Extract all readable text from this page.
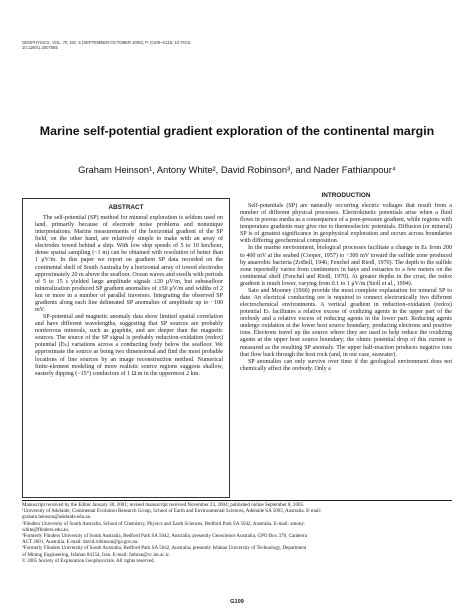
GEOPHYSICS, VOL. 70, NO. 5 (SEPTEMBER-OCTOBER 2005); P. G109–G118, 10 FIGS.
10.1190/1.2007585
Marine self-potential gradient exploration of the continental margin
Graham Heinson¹, Antony White², David Robinson³, and Nader Fathianpour⁴
ABSTRACT

The self-potential (SP) method for mineral exploration is seldom used on land, primarily because of electrode noise problems and nonunique interpretations. Marine measurements of the horizontal gradient of the SP field, on the other hand, are relatively simple to make with an array of electrodes towed behind a ship. With low ship speeds of 5 to 10 km/hour, dense spatial sampling (~1 m) can be obtained with resolution of better than 1 μV/m. In this paper we report on gradient SP data recorded on the continental shelf of South Australia by a horizontal array of towed electrodes approximately 20 m above the seafloor. Ocean waves and swells with periods of 5 to 15 s yielded large amplitude signals ±20 μV/m, but subseafloor mineralization produced SP gradient anomalies of ±50 μV/m and widths of 2 km or more in a number of parallel traverses. Integrating the observed SP gradients along each line delineated SP anomalies of amplitude up to −100 mV.

SP-potential and magnetic anomaly data show limited spatial correlation and have different wavelengths, suggesting that SP sources are probably nonferrous minerals, such as graphite, and are deeper than the magnetic sources. The source of the SP signal is probably reduction-oxidation (redox) potential (Eₕ) variations across a conducting body below the seafloor. We approximate the source as being two dimensional and find the most probable locations of line sources by an image reconstruction method. Numerical finite-element modeling of more realistic source regions suggests shallow, easterly dipping (~15°) conductors of 1 Ω.m in the uppermost 2 km.

INTRODUCTION

Self-potentials (SP) are naturally occurring electric voltages that result from a number of different physical processes. Electrokinetic potentials arise when a fluid flows in porous media as a consequence of a pore-pressure gradient, while regions with temperature gradients may give rise to thermoelectric potentials. Diffusion (or mineral) SP is of greatest significance in geophysical exploration and occurs across boundaries with differing geochemical composition.

In the marine environment, biological processes facilitate a change in Eₕ from 200 to 400 mV at the seabed (Cooper, 1957) to −300 mV toward the sulfide zone produced by anaerobic bacteria (ZoBell, 1946; Fenchel and Riedl, 1970). The depth to the sulfide zone reportedly varies from centimeters in bays and estuaries to a few meters on the continental shelf (Fenchel and Riedl, 1970). At greater depths in the crust, the redox gradient is much lower, varying from 0.1 to 1 μV/m (Stoll et al., 1994).

Sato and Mooney (1960) provide the most complete explanation for mineral SP to date. An electrical conducting ore is required to connect electronically two different electrochemical environments. A vertical gradient in reduction-oxidation (redox) potential Eₕ facilitates a relative excess of oxidizing agents in the upper part of the orebody and a relative excess of reducing agents in the lower part. Reducing agents undergo oxidation at the lower host source boundary, producing electrons and positive ions. Electrons travel up the source where they are used to help reduce the oxidizing agents at the upper host source boundary; the ohmic potential drop of this current is measured as the resulting SP anomaly. The upper half-reaction produces negative ions that flow back through the host rock (and, in our case, seawater).

SP anomalies can only survive over time if the geological environment does not chemically affect the orebody. Only a

Manuscript received by the Editor January 30, 2001; revised manuscript received November 23, 2004; published online September 8, 2005.
¹University of Adelaide, Continental Evolution Research Group, School of Earth and Environmental Sciences, Adelaide SA 5005, Australia. E-mail:
graham.heinson@adelaide.edu.au.
²Flinders University of South Australia, School of Chemistry, Physics and Earth Sciences, Bedford Park SA 5042, Australia. E-mail: antony.
white@flinders.edu.au.
³Formerly Flinders University of South Australia, Bedford Park SA 5042, Australia; presently Geoscience Australia, GPO Box 378, Canberra
ACT 2601, Australia. E-mail: david.robinson@ga.gov.au.
⁴Formerly Flinders University of South Australia, Bedford Park SA 5042, Australia; presently Isfahan University of Technology, Department
of Mining Engineering, Isfahan 84154, Iran. E-mail: fathian@cc.iut.ac.ir.
© 2005 Society of Exploration Geophysicists. All rights reserved.
G109
